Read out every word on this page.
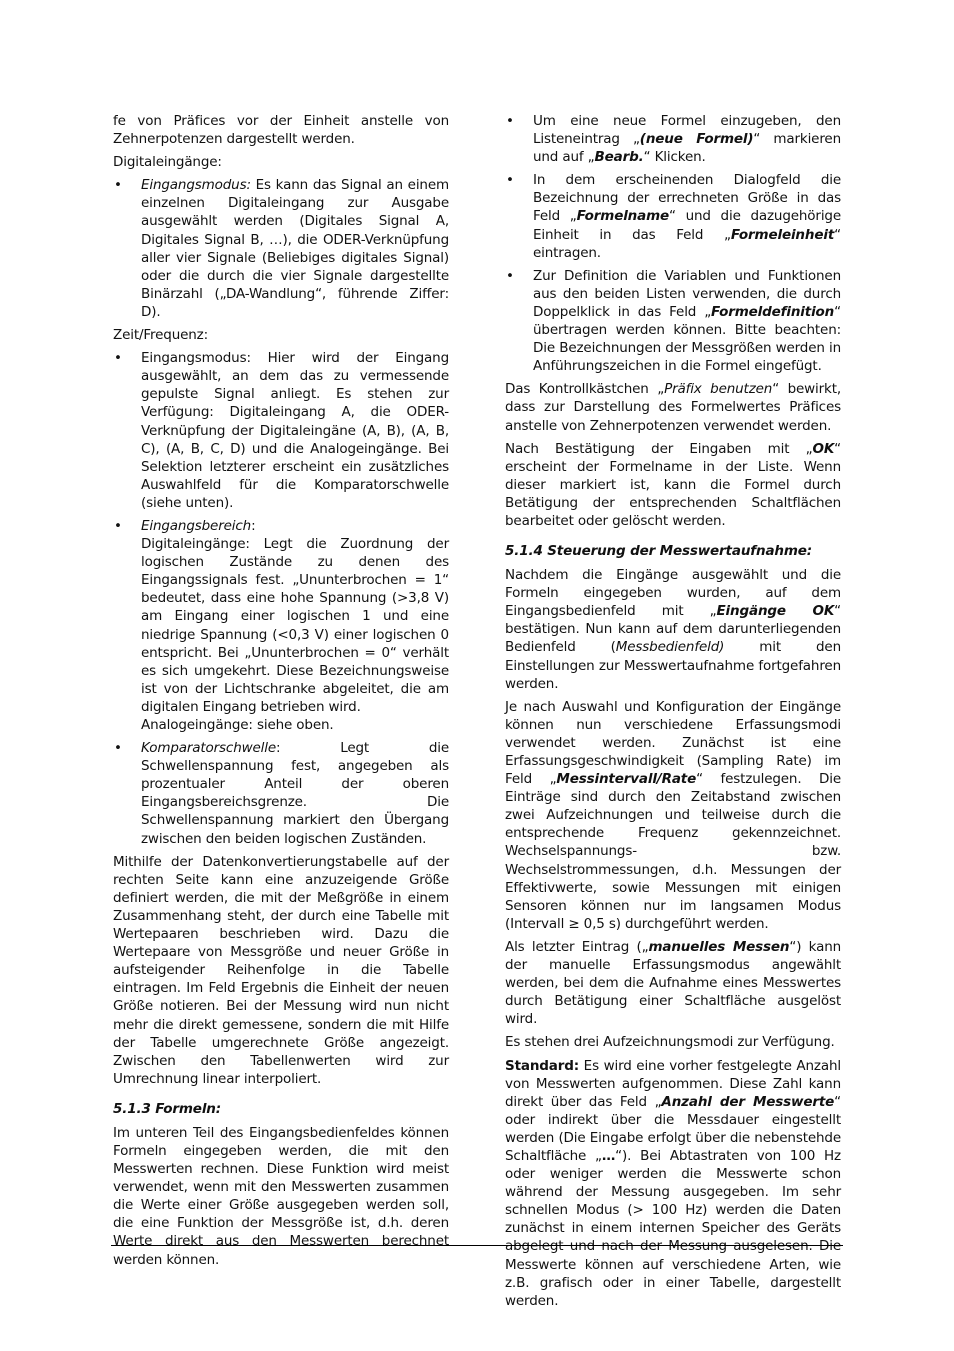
fe von Präfices vor der Einheit anstelle von Zehnerpotenzen dargestellt werden.

Digitaleingänge:

• Eingangsmodus: Es kann das Signal an einem einzelnen Digitaleingang zur Ausgabe ausgewählt werden (Digitales Signal A, Digitales Signal B, …), die ODER-Verknüpfung aller vier Signale (Beliebiges digitales Signal) oder die durch die vier Signale dargestellte Binärzahl („DA-Wandlung“, führende Ziffer: D).

Zeit/Frequenz:

• Eingangsmodus: Hier wird der Eingang ausgewählt, an dem das zu vermessende gepulste Signal anliegt. Es stehen zur Verfügung: Digitaleingang A, die ODER-Verknüpfung der Digitaleingäne (A, B), (A, B, C), (A, B, C, D) und die Analogeingänge. Bei Selektion letzterer erscheint ein zusätzliches Auswahlfeld für die Komparatorschwelle (siehe unten).
• Eingangsbereich:
Digitaleingänge: Legt die Zuordnung der logischen Zustände zu denen des Eingangssignals fest. „Ununterbrochen = 1“ bedeutet, dass eine hohe Spannung (>3,8 V) am Eingang einer logischen 1 und eine niedrige Spannung (<0,3 V) einer logischen 0 entspricht. Bei „Ununterbrochen = 0“ verhält es sich umgekehrt. Diese Bezeichnungsweise ist von der Lichtschranke abgeleitet, die am digitalen Eingang betrieben wird.
Analogeingänge: siehe oben.
• Komparatorschwelle: Legt die Schwellenspannung fest, angegeben als prozentualer Anteil der oberen Eingangsbereichsgrenze. Die Schwellenspannung markiert den Übergang zwischen den beiden logischen Zuständen.

Mithilfe der Datenkonvertierungstabelle auf der rechten Seite kann eine anzuzeigende Größe definiert werden, die mit der Meßgröße in einem Zusammenhang steht, der durch eine Tabelle mit Wertepaaren beschrieben wird. Dazu die Wertepaare von Messgröße und neuer Größe in aufsteigender Reihenfolge in die Tabelle eintragen. Im Feld Ergebnis die Einheit der neuen Größe notieren. Bei der Messung wird nun nicht mehr die direkt gemessene, sondern die mit Hilfe der Tabelle umgerechnete Größe angezeigt. Zwischen den Tabellenwerten wird zur Umrechnung linear interpoliert.

5.1.3 Formeln:

Im unteren Teil des Eingangsbedienfeldes können Formeln eingegeben werden, die mit den Messwerten rechnen. Diese Funktion wird meist verwendet, wenn mit den Messwerten zusammen die Werte einer Größe ausgegeben werden soll, die eine Funktion der Messgröße ist, d.h. deren Werte direkt aus den Messwerten berechnet werden können.

• Um eine neue Formel einzugeben, den Listeneintrag „(neue Formel)“ markieren und auf „Bearb.“ Klicken.
• In dem erscheinenden Dialogfeld die Bezeichnung der errechneten Größe in das Feld „Formelname“ und die dazugehörige Einheit in das Feld „Formeleinheit“ eintragen.
• Zur Definition die Variablen und Funktionen aus den beiden Listen verwenden, die durch Doppelklick in das Feld „Formeldefinition“ übertragen werden können. Bitte beachten: Die Bezeichnungen der Messgrößen werden in Anführungszeichen in die Formel eingefügt.

Das Kontrollkästchen „Präfix benutzen“ bewirkt, dass zur Darstellung des Formelwertes Präfices anstelle von Zehnerpotenzen verwendet werden.

Nach Bestätigung der Eingaben mit „OK“ erscheint der Formelname in der Liste. Wenn dieser markiert ist, kann die Formel durch Betätigung der entsprechenden Schaltflächen bearbeitet oder gelöscht werden.

5.1.4 Steuerung der Messwertaufnahme:

Nachdem die Eingänge ausgewählt und die Formeln eingegeben wurden, auf dem Eingangsbedienfeld mit „Eingänge OK“ bestätigen. Nun kann auf dem darunterliegenden Bedienfeld (Messbedienfeld) mit den Einstellungen zur Messwertaufnahme fortgefahren werden.

Je nach Auswahl und Konfiguration der Eingänge können nun verschiedene Erfassungsmodi verwendet werden. Zunächst ist eine Erfassungsgeschwindigkeit (Sampling Rate) im Feld „Messintervall/Rate“ festzulegen. Die Einträge sind durch den Zeitabstand zwischen zwei Aufzeichnungen und teilweise durch die entsprechende Frequenz gekennzeichnet. Wechselspannungs- bzw. Wechselstrommessungen, d.h. Messungen der Effektivwerte, sowie Messungen mit einigen Sensoren können nur im langsamen Modus (Intervall ≥ 0,5 s) durchgeführt werden.

Als letzter Eintrag („manuelles Messen“) kann der manuelle Erfassungsmodus angewählt werden, bei dem die Aufnahme eines Messwertes durch Betätigung einer Schaltfläche ausgelöst wird.

Es stehen drei Aufzeichnungsmodi zur Verfügung.

Standard: Es wird eine vorher festgelegte Anzahl von Messwerten aufgenommen. Diese Zahl kann direkt über das Feld „Anzahl der Messwerte“ oder indirekt über die Messdauer eingestellt werden (Die Eingabe erfolgt über die nebenstehde Schaltfläche „…“). Bei Abtastraten von 100 Hz oder weniger werden die Messwerte schon während der Messung ausgegeben. Im sehr schnellen Modus (> 100 Hz) werden die Daten zunächst in einem internen Speicher des Geräts abgelegt und nach der Messung ausgelesen. Die Messwerte können auf verschiedene Arten, wie z.B. grafisch oder in einer Tabelle, dargestellt werden.
